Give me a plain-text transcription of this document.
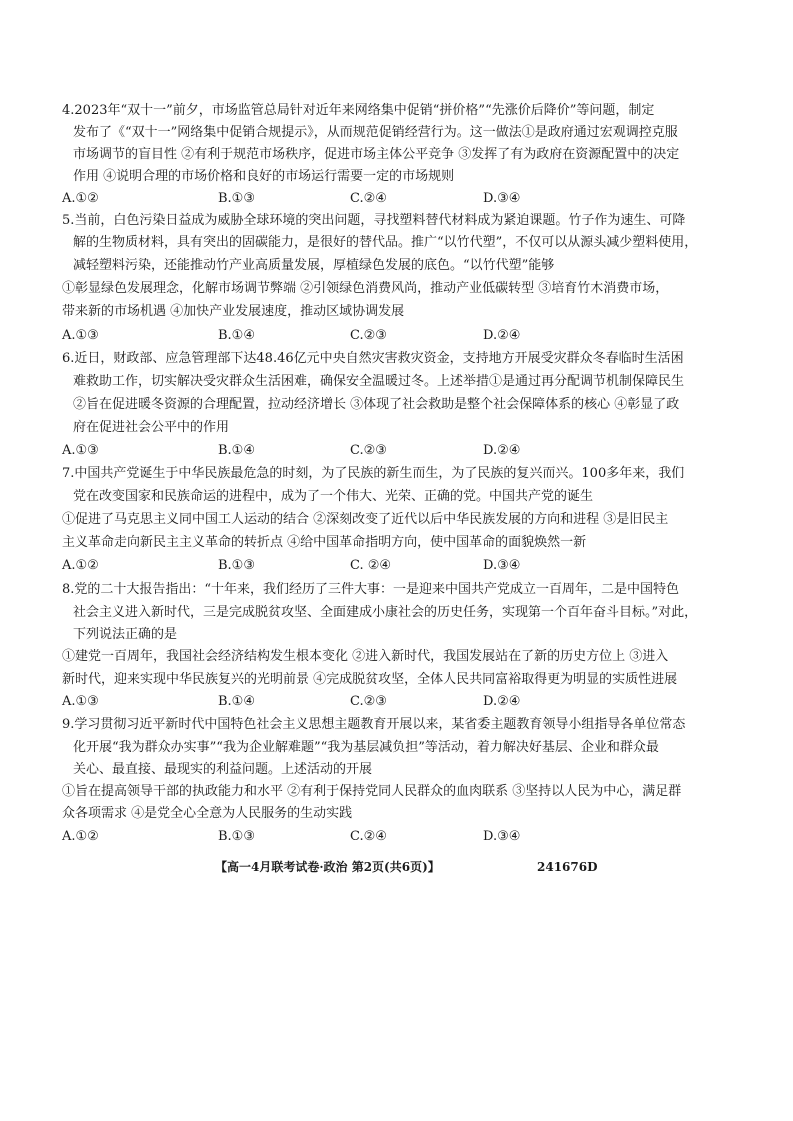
4.2023年“双十一”前夕，市场监管总局针对近年来网络集中促销“拼价格”“先涨价后降价”等问题，制定
发布了《“双十一”网络集中促销合规提示》，从而规范促销经营行为。这一做法①是政府通过宏观调控克服
市场调节的盲目性 ②有利于规范市场秩序，促进市场主体公平竞争 ③发挥了有为政府在资源配置中的决定
作用 ④说明合理的市场价格和良好的市场运行需要一定的市场规则
A.①②	B.①③	C.②④	D.③④
5.当前，白色污染日益成为威胁全球环境的突出问题，寻找塑料替代材料成为紧迫课题。竹子作为速生、可降
解的生物质材料，具有突出的固碳能力，是很好的替代品。推广“以竹代塑”，不仅可以从源头减少塑料使用，
减轻塑料污染，还能推动竹产业高质量发展，厚植绿色发展的底色。“以竹代塑”能够
①彰显绿色发展理念，化解市场调节弊端 ②引领绿色消费风尚，推动产业低碳转型 ③培育竹木消费市场，
带来新的市场机遇 ④加快产业发展速度，推动区域协调发展
A.①③	B.①④	C.②③	D.②④
6.近日，财政部、应急管理部下达48.46亿元中央自然灾害救灾资金，支持地方开展受灾群众冬春临时生活困
难救助工作，切实解决受灾群众生活困难，确保安全温暖过冬。上述举措①是通过再分配调节机制保障民生
②旨在促进暖冬资源的合理配置，拉动经济增长 ③体现了社会救助是整个社会保障体系的核心 ④彰显了政
府在促进社会公平中的作用
A.①③	B.①④	C.②③	D.②④
7.中国共产党诞生于中华民族最危急的时刻，为了民族的新生而生，为了民族的复兴而兴。100多年来，我们
党在改变国家和民族命运的进程中，成为了一个伟大、光荣、正确的党。中国共产党的诞生
①促进了马克思主义同中国工人运动的结合 ②深刻改变了近代以后中华民族发展的方向和进程 ③是旧民主
主义革命走向新民主主义革命的转折点 ④给中国革命指明方向，使中国革命的面貌焕然一新
A.①②	B.①③	C. ②④	D.③④
8.党的二十大报告指出：“十年来，我们经历了三件大事：一是迎来中国共产党成立一百周年，二是中国特色
社会主义进入新时代，三是完成脱贫攻坚、全面建成小康社会的历史任务，实现第一个百年奋斗目标。”对此，
下列说法正确的是
①建党一百周年，我国社会经济结构发生根本变化 ②进入新时代，我国发展站在了新的历史方位上 ③进入
新时代，迎来实现中华民族复兴的光明前景 ④完成脱贫攻坚，全体人民共同富裕取得更为明显的实质性进展
A.①③	B.①④	C.②③	D.②④
9.学习贯彻习近平新时代中国特色社会主义思想主题教育开展以来，某省委主题教育领导小组指导各单位常态
化开展“我为群众办实事”“我为企业解难题”“我为基层减负担”等活动，着力解决好基层、企业和群众最
关心、最直接、最现实的利益问题。上述活动的开展
①旨在提高领导干部的执政能力和水平 ②有利于保持党同人民群众的血肉联系 ③坚持以人民为中心，满足群
众各项需求 ④是党全心全意为人民服务的生动实践
A.①②	B.①③	C.②④	D.③④
【高一4月联考试卷·政治 第2页(共6页)】	241676D
